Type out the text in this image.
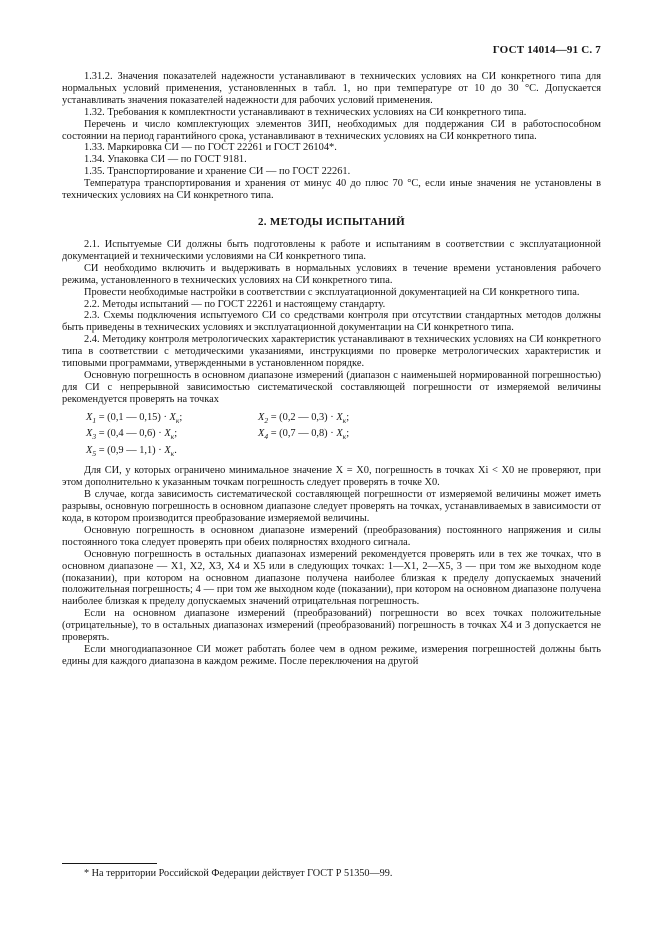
ГОСТ 14014—91 С. 7

1.31.2. Значения показателей надежности устанавливают в технических условиях на СИ конкретного типа для нормальных условий применения, установленных в табл. 1, но при температуре от 10 до 30 °С. Допускается устанавливать значения показателей надежности для рабочих условий применения.

1.32. Требования к комплектности устанавливают в технических условиях на СИ конкретного типа.

Перечень и число комплектующих элементов ЗИП, необходимых для поддержания СИ в работоспособном состоянии на период гарантийного срока, устанавливают в технических условиях на СИ конкретного типа.

1.33. Маркировка СИ — по ГОСТ 22261 и ГОСТ 26104*.

1.34. Упаковка СИ — по ГОСТ 9181.

1.35. Транспортирование и хранение СИ — по ГОСТ 22261.

Температура транспортирования и хранения от минус 40 до плюс 70 °С, если иные значения не установлены в технических условиях на СИ конкретного типа.

2. МЕТОДЫ ИСПЫТАНИЙ

2.1. Испытуемые СИ должны быть подготовлены к работе и испытаниям в соответствии с эксплуатационной документацией и техническими условиями на СИ конкретного типа.

СИ необходимо включить и выдерживать в нормальных условиях в течение времени установления рабочего режима, установленного в технических условиях на СИ конкретного типа.

Провести необходимые настройки в соответствии с эксплуатационной документацией на СИ конкретного типа.

2.2. Методы испытаний — по ГОСТ 22261 и настоящему стандарту.

2.3. Схемы подключения испытуемого СИ со средствами контроля при отсутствии стандартных методов должны быть приведены в технических условиях и эксплуатационной документации на СИ конкретного типа.

2.4. Методику контроля метрологических характеристик устанавливают в технических условиях на СИ конкретного типа в соответствии с методическими указаниями, инструкциями по проверке метрологических характеристик и типовыми программами, утвержденными в установленном порядке.

Основную погрешность в основном диапазоне измерений (диапазон с наименьшей нормированной погрешностью) для СИ с непрерывной зависимостью систематической составляющей погрешности от измеряемой величины рекомендуется проверять на точках

$Х_1 = (0,1$ — $0,15) \cdot Х_к$;	$Х_2 = (0,2$ — $0,3) \cdot Х_к$;
$Х_3 = (0,4$ — $0,6) \cdot Х_к$;	$Х_4 = (0,7$ — $0,8) \cdot Х_к$;
$Х_5 = (0,9$ — $1,1) \cdot Х_к$.

Для СИ, у которых ограничено минимальное значение Х = Х0, погрешность в точках Хi < Х0 не проверяют, при этом дополнительно к указанным точкам погрешность следует проверять в точке Х0.

В случае, когда зависимость систематической составляющей погрешности от измеряемой величины может иметь разрывы, основную погрешность в основном диапазоне следует проверять на точках, устанавливаемых в зависимости от кода, в котором производится преобразование измеряемой величины.

Основную погрешность в основном диапазоне измерений (преобразования) постоянного напряжения и силы постоянного тока следует проверять при обеих полярностях входного сигнала.

Основную погрешность в остальных диапазонах измерений рекомендуется проверять или в тех же точках, что в основном диапазоне — Х1, Х2, Х3, Х4 и Х5 или в следующих точках: 1—Х1, 2—Х5, 3 — при том же выходном коде (показании), при котором на основном диапазоне получена наиболее близкая к пределу допускаемых значений положительная погрешность; 4 — при том же выходном коде (показании), при котором на основном диапазоне получена наиболее близкая к пределу допускаемых значений отрицательная погрешность.

Если на основном диапазоне измерений (преобразований) погрешности во всех точках положительные (отрицательные), то в остальных диапазонах измерений (преобразований) погрешность в точках Х4 и 3 допускается не проверять.

Если многодиапазонное СИ может работать более чем в одном режиме, измерения погрешностей должны быть едины для каждого диапазона в каждом режиме. После переключения на другой

* На территории Российской Федерации действует ГОСТ Р 51350—99.
